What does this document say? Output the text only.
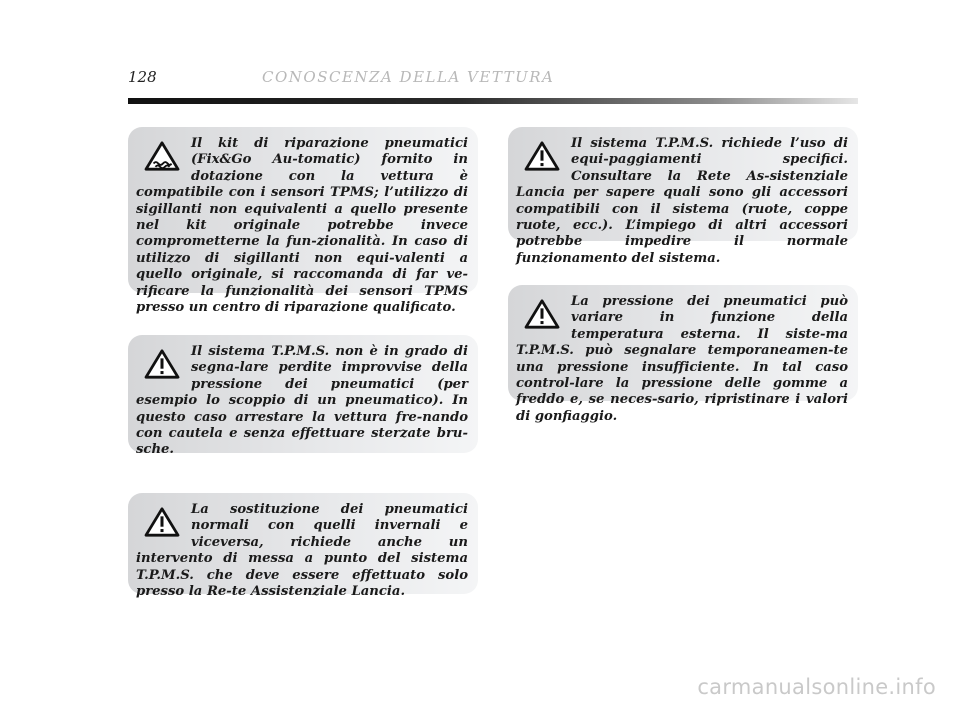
128	CONOSCENZA DELLA VETTURA

Il kit di riparazione pneumatici (Fix&Go Au-tomatic) fornito in dotazione con la vettura è compatibile con i sensori TPMS; l’utilizzo di sigillanti non equivalenti a quello presente nel kit originale potrebbe invece comprometterne la fun-zionalità. In caso di utilizzo di sigillanti non equi-valenti a quello originale, si raccomanda di far ve-rificare la funzionalità dei sensori TPMS presso un centro di riparazione qualificato.

Il sistema T.P.M.S. non è in grado di segna-lare perdite improvvise della pressione dei pneumatici (per esempio lo scoppio di un pneumatico). In questo caso arrestare la vettura fre-nando con cautela e senza effettuare sterzate bru-sche.

La sostituzione dei pneumatici normali con quelli invernali e viceversa, richiede anche un intervento di messa a punto del sistema T.P.M.S. che deve essere effettuato solo presso la Re-te Assistenziale Lancia.

Il sistema T.P.M.S. richiede l’uso di equi-paggiamenti specifici. Consultare la Rete As-sistenziale Lancia per sapere quali sono gli accessori compatibili con il sistema (ruote, coppe ruote, ecc.). L’impiego di altri accessori potrebbe impedire il normale funzionamento del sistema.

La pressione dei pneumatici può variare in funzione della temperatura esterna. Il siste-ma T.P.M.S. può segnalare temporaneamen-te una pressione insufficiente. In tal caso control-lare la pressione delle gomme a freddo e, se neces-sario, ripristinare i valori di gonfiaggio.

carmanualsonline.info
